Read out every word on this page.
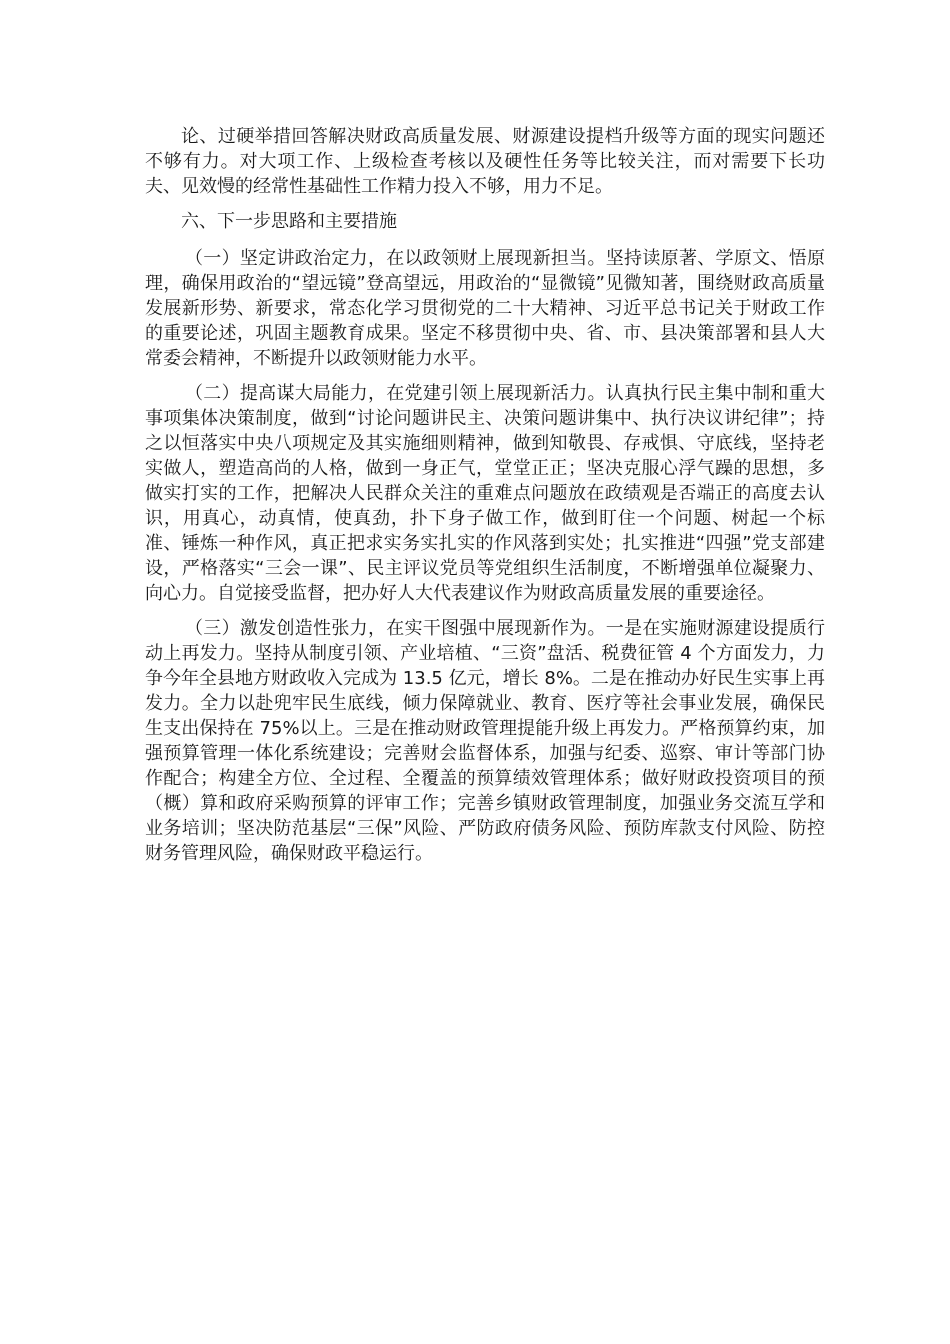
论、过硬举措回答解决财政高质量发展、财源建设提档升级等方面的现实问题还不够有力。对大项工作、上级检查考核以及硬性任务等比较关注，而对需要下长功夫、见效慢的经常性基础性工作精力投入不够，用力不足。

六、下一步思路和主要措施

（一）坚定讲政治定力，在以政领财上展现新担当。坚持读原著、学原文、悟原理，确保用政治的“望远镜”登高望远，用政治的“显微镜”见微知著，围绕财政高质量发展新形势、新要求，常态化学习贯彻党的二十大精神、习近平总书记关于财政工作的重要论述，巩固主题教育成果。坚定不移贯彻中央、省、市、县决策部署和县人大常委会精神，不断提升以政领财能力水平。

（二）提高谋大局能力，在党建引领上展现新活力。认真执行民主集中制和重大事项集体决策制度，做到“讨论问题讲民主、决策问题讲集中、执行决议讲纪律”；持之以恒落实中央八项规定及其实施细则精神，做到知敬畏、存戒惧、守底线，坚持老实做人，塑造高尚的人格，做到一身正气，堂堂正正；坚决克服心浮气躁的思想，多做实打实的工作，把解决人民群众关注的重难点问题放在政绩观是否端正的高度去认识，用真心，动真情，使真劲，扑下身子做工作，做到盯住一个问题、树起一个标准、锤炼一种作风，真正把求实务实扎实的作风落到实处；扎实推进“四强”党支部建设，严格落实“三会一课”、民主评议党员等党组织生活制度，不断增强单位凝聚力、向心力。自觉接受监督，把办好人大代表建议作为财政高质量发展的重要途径。

（三）激发创造性张力，在实干图强中展现新作为。一是在实施财源建设提质行动上再发力。坚持从制度引领、产业培植、“三资”盘活、税费征管 4 个方面发力，力争今年全县地方财政收入完成为 13.5 亿元，增长 8%。二是在推动办好民生实事上再发力。全力以赴兜牢民生底线，倾力保障就业、教育、医疗等社会事业发展，确保民生支出保持在 75%以上。三是在推动财政管理提能升级上再发力。严格预算约束，加强预算管理一体化系统建设；完善财会监督体系，加强与纪委、巡察、审计等部门协作配合；构建全方位、全过程、全覆盖的预算绩效管理体系；做好财政投资项目的预（概）算和政府采购预算的评审工作；完善乡镇财政管理制度，加强业务交流互学和业务培训；坚决防范基层“三保”风险、严防政府债务风险、预防库款支付风险、防控财务管理风险，确保财政平稳运行。
